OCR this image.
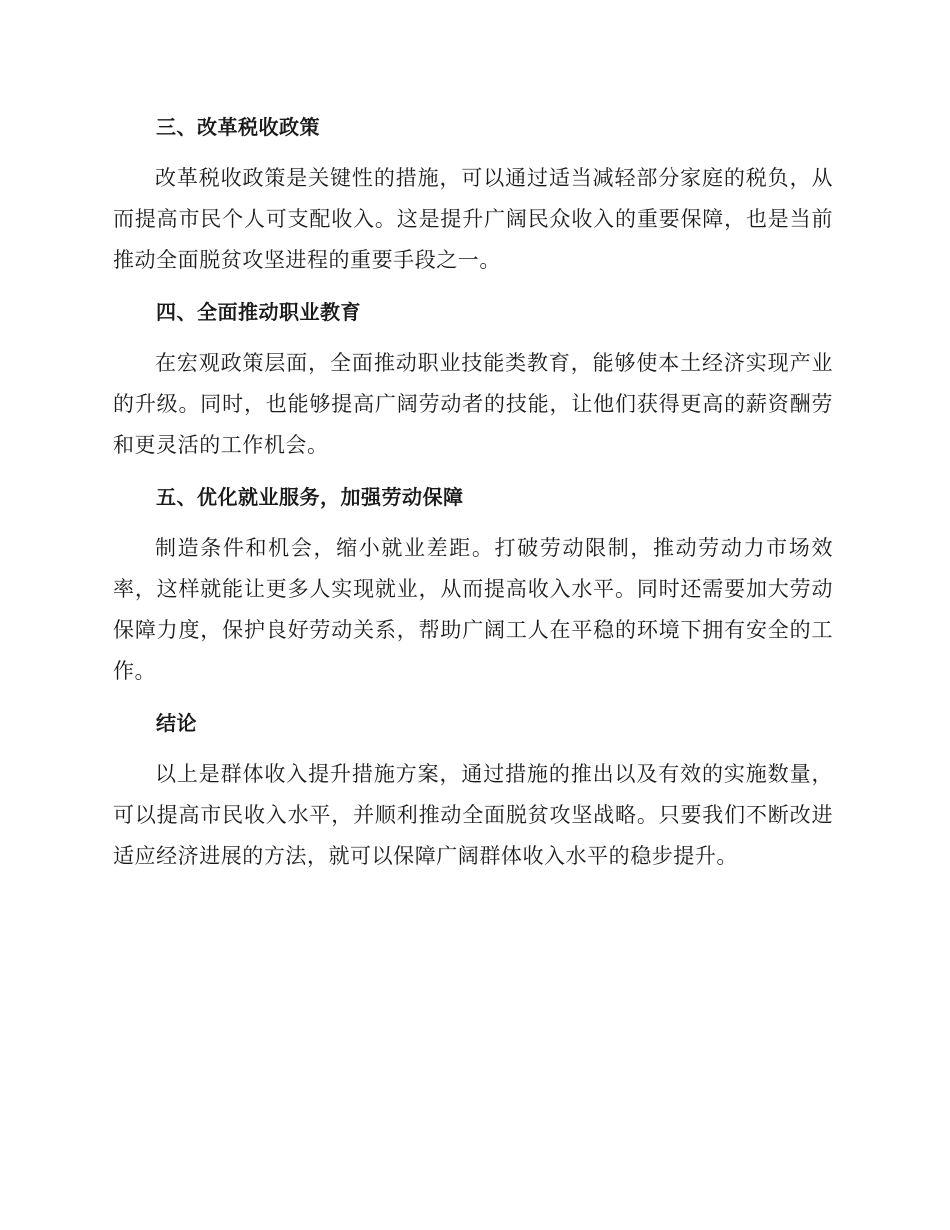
三、改革税收政策

改革税收政策是关键性的措施，可以通过适当减轻部分家庭的税负，从而提高市民个人可支配收入。这是提升广阔民众收入的重要保障，也是当前推动全面脱贫攻坚进程的重要手段之一。

四、全面推动职业教育

在宏观政策层面，全面推动职业技能类教育，能够使本土经济实现产业的升级。同时，也能够提高广阔劳动者的技能，让他们获得更高的薪资酬劳和更灵活的工作机会。

五、优化就业服务，加强劳动保障

制造条件和机会，缩小就业差距。打破劳动限制，推动劳动力市场效率，这样就能让更多人实现就业，从而提高收入水平。同时还需要加大劳动保障力度，保护良好劳动关系，帮助广阔工人在平稳的环境下拥有安全的工作。

结论

以上是群体收入提升措施方案，通过措施的推出以及有效的实施数量，可以提高市民收入水平，并顺利推动全面脱贫攻坚战略。只要我们不断改进适应经济进展的方法，就可以保障广阔群体收入水平的稳步提升。
